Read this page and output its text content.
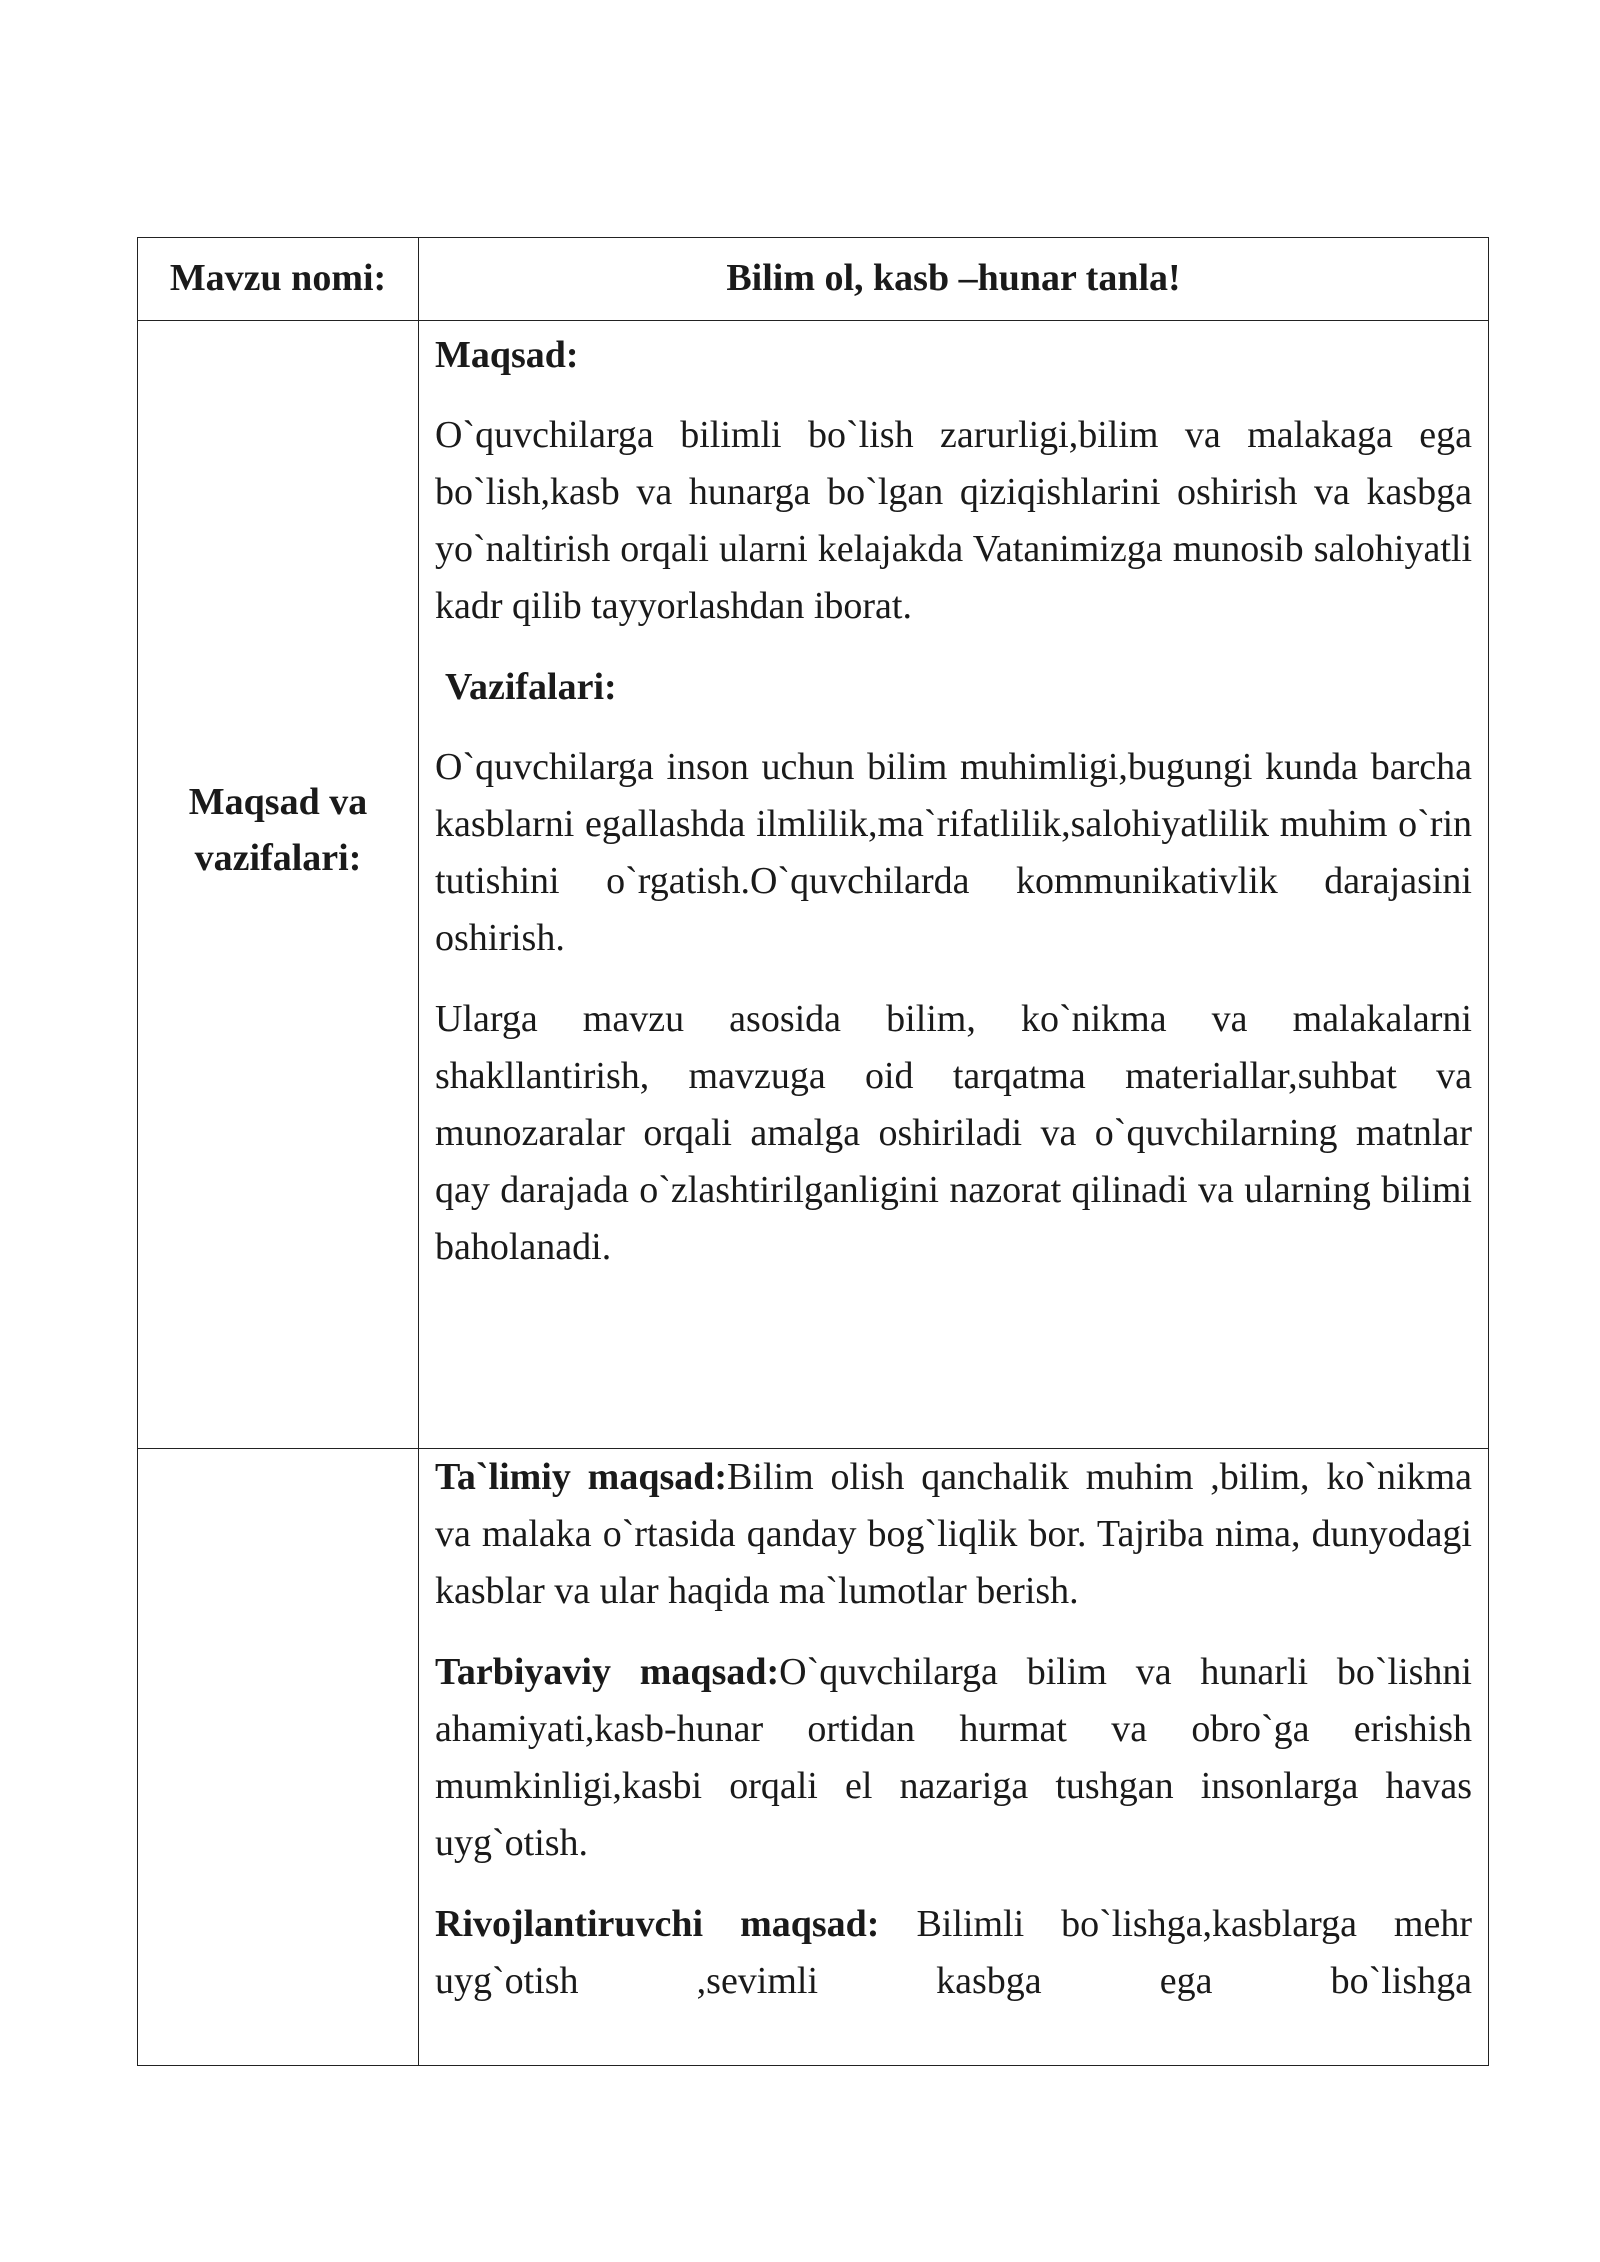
Mavzu nomi:	Bilim ol, kasb –hunar tanla!

Maqsad va vazifalari:	Maqsad:

O`quvchilarga bilimli bo`lish zarurligi,bilim va malakaga ega bo`lish,kasb va hunarga bo`lgan qiziqishlarini oshirish va kasbga yo`naltirish orqali ularni kelajakda Vatanimizga munosib salohiyatli kadr qilib tayyorlashdan iborat.

Vazifalari:

O`quvchilarga inson uchun bilim muhimligi,bugungi kunda barcha kasblarni egallashda ilmlilik,ma`rifatlilik,salohiyatlilik muhim o`rin tutishini o`rgatish.O`quvchilarda kommunikativlik darajasini oshirish.

Ularga mavzu asosida bilim, ko`nikma va malakalarni shakllantirish, mavzuga oid tarqatma materiallar,suhbat va munozaralar orqali amalga oshiriladi va o`quvchilarning matnlar qay darajada o`zlashtirilganligini nazorat qilinadi va ularning bilimi baholanadi.

	Ta`limiy maqsad:Bilim olish qanchalik muhim ,bilim, ko`nikma va malaka o`rtasida qanday bog`liqlik bor. Tajriba nima, dunyodagi kasblar va ular haqida ma`lumotlar berish.

Tarbiyaviy maqsad:O`quvchilarga bilim va hunarli bo`lishni ahamiyati,kasb-hunar ortidan hurmat va obro`ga erishish mumkinligi,kasbi orqali el nazariga tushgan insonlarga havas uyg`otish.

Rivojlantiruvchi maqsad: Bilimli bo`lishga,kasblarga mehr uyg`otish ,sevimli kasbga ega bo`lishga
